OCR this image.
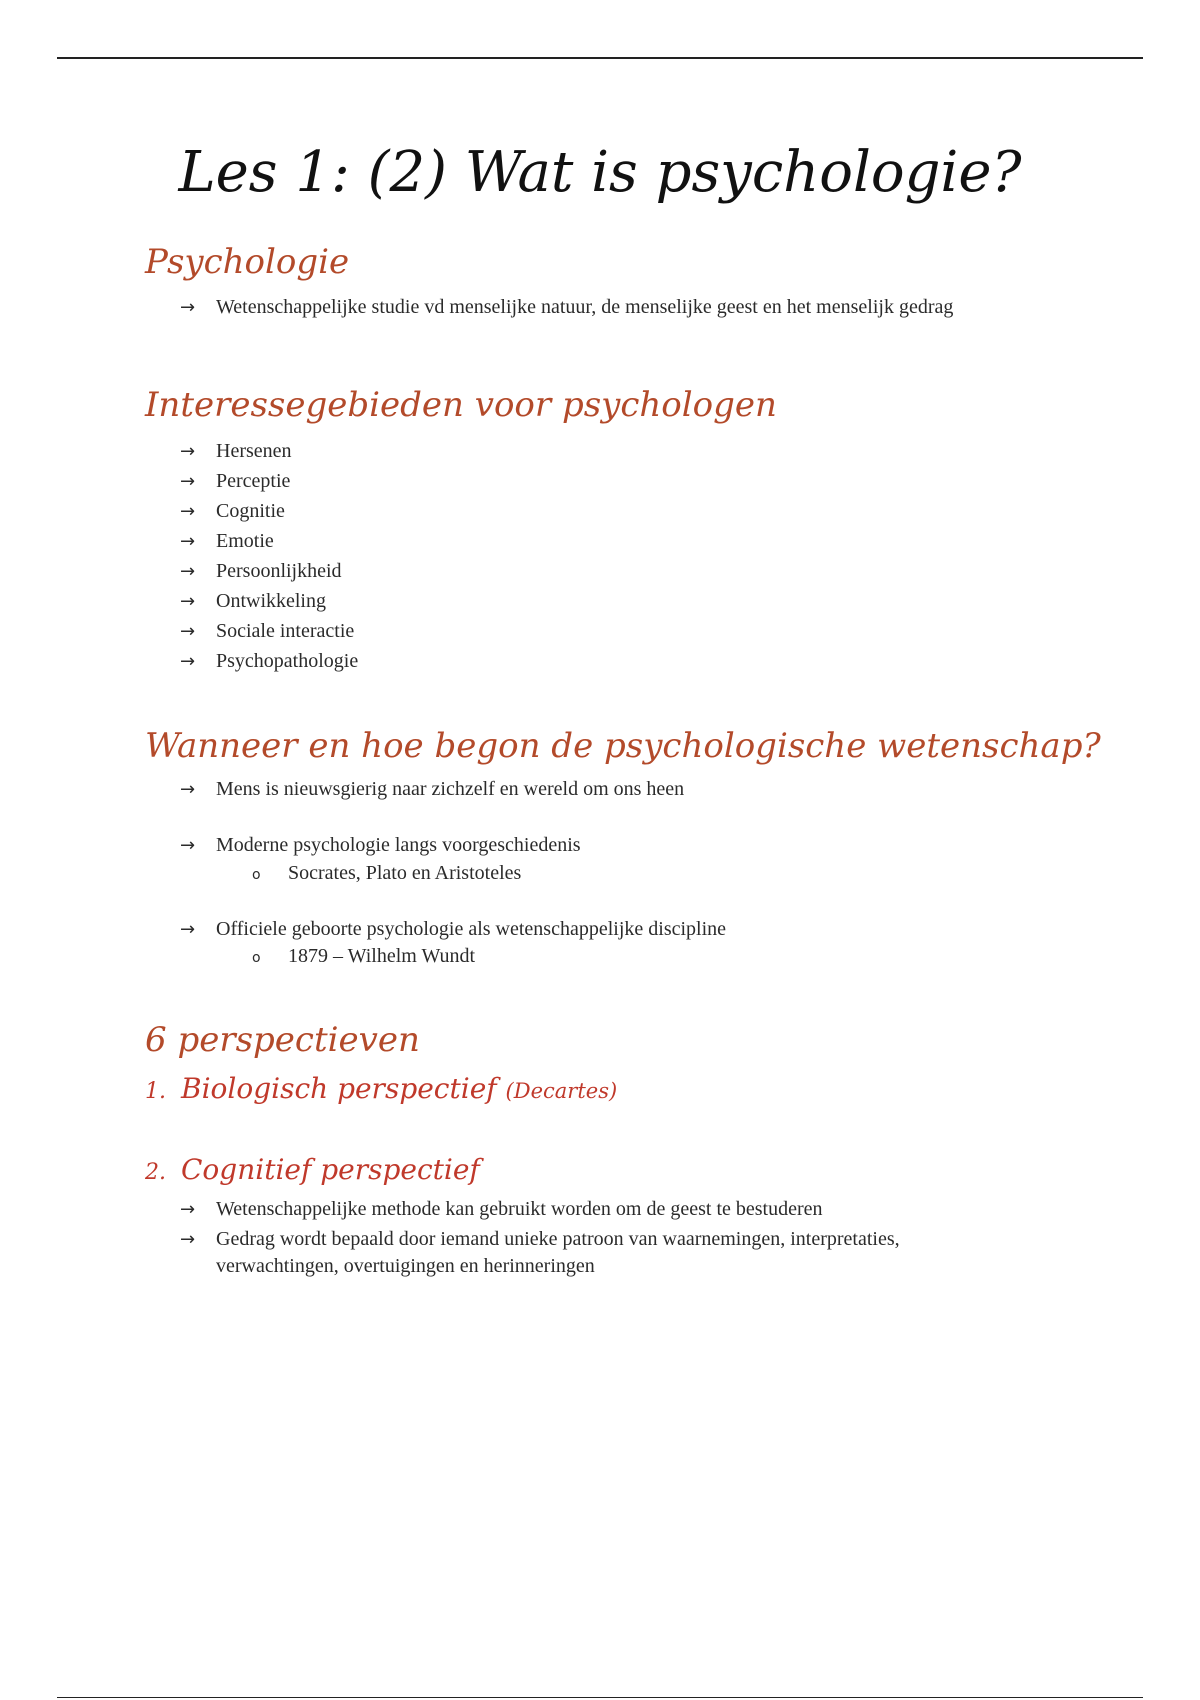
Les 1: (2) Wat is psychologie?
Psychologie
→ Wetenschappelijke studie vd menselijke natuur, de menselijke geest en het menselijk gedrag
Interessegebieden voor psychologen
→ Hersenen
→ Perceptie
→ Cognitie
→ Emotie
→ Persoonlijkheid
→ Ontwikkeling
→ Sociale interactie
→ Psychopathologie
Wanneer en hoe begon de psychologische wetenschap?
→ Mens is nieuwsgierig naar zichzelf en wereld om ons heen
→ Moderne psychologie langs voorgeschiedenis
o Socrates, Plato en Aristoteles
→ Officiele geboorte psychologie als wetenschappelijke discipline
o 1879 – Wilhelm Wundt
6 perspectieven
1. Biologisch perspectief (Decartes)
2. Cognitief perspectief
→ Wetenschappelijke methode kan gebruikt worden om de geest te bestuderen
→ Gedrag wordt bepaald door iemand unieke patroon van waarnemingen, interpretaties, verwachtingen, overtuigingen en herinneringen
